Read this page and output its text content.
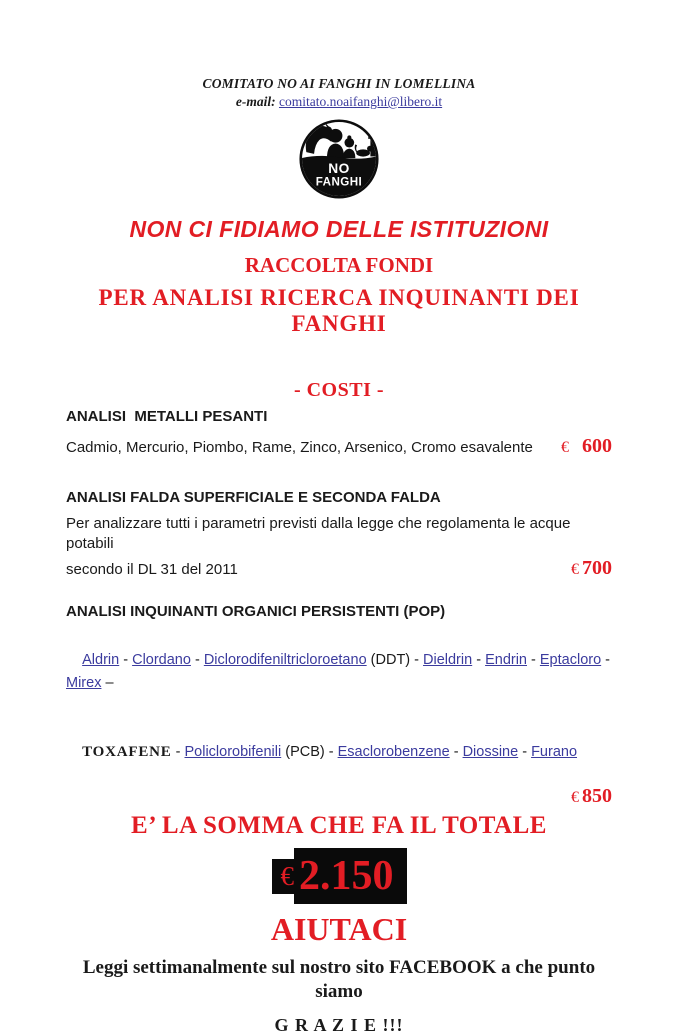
COMITATO NO AI FANGHI IN LOMELLINA
e-mail: comitato.noaifanghi@libero.it
NO
FANGHI
NON CI FIDIAMO DELLE ISTITUZIONI
RACCOLTA FONDI
PER ANALISI RICERCA INQUINANTI DEI FANGHI
- COSTI -
ANALISI  METALLI PESANTI
Cadmio, Mercurio, Piombo, Rame, Zinco, Arsenico, Cromo esavalente € 600
ANALISI FALDA SUPERFICIALE E SECONDA FALDA
Per analizzare tutti i parametri previsti dalla legge che regolamenta le acque potabili
secondo il DL 31 del 2011	€ 700
ANALISI INQUINANTI ORGANICI PERSISTENTI (POP)

Aldrin - Clordano - Diclorodifeniltricloroetano (DDT) - Dieldrin - Endrin - Eptacloro - Mirex –

TOXAFENE - Policlorobifenili (PCB) - Esaclorobenzene - Diossine - Furano

€ 850
E’ LA SOMMA CHE FA IL TOTALE
€ 2.150
AIUTACI
Leggi settimanalmente sul nostro sito FACEBOOK a che punto siamo
G R A Z I E !!!
